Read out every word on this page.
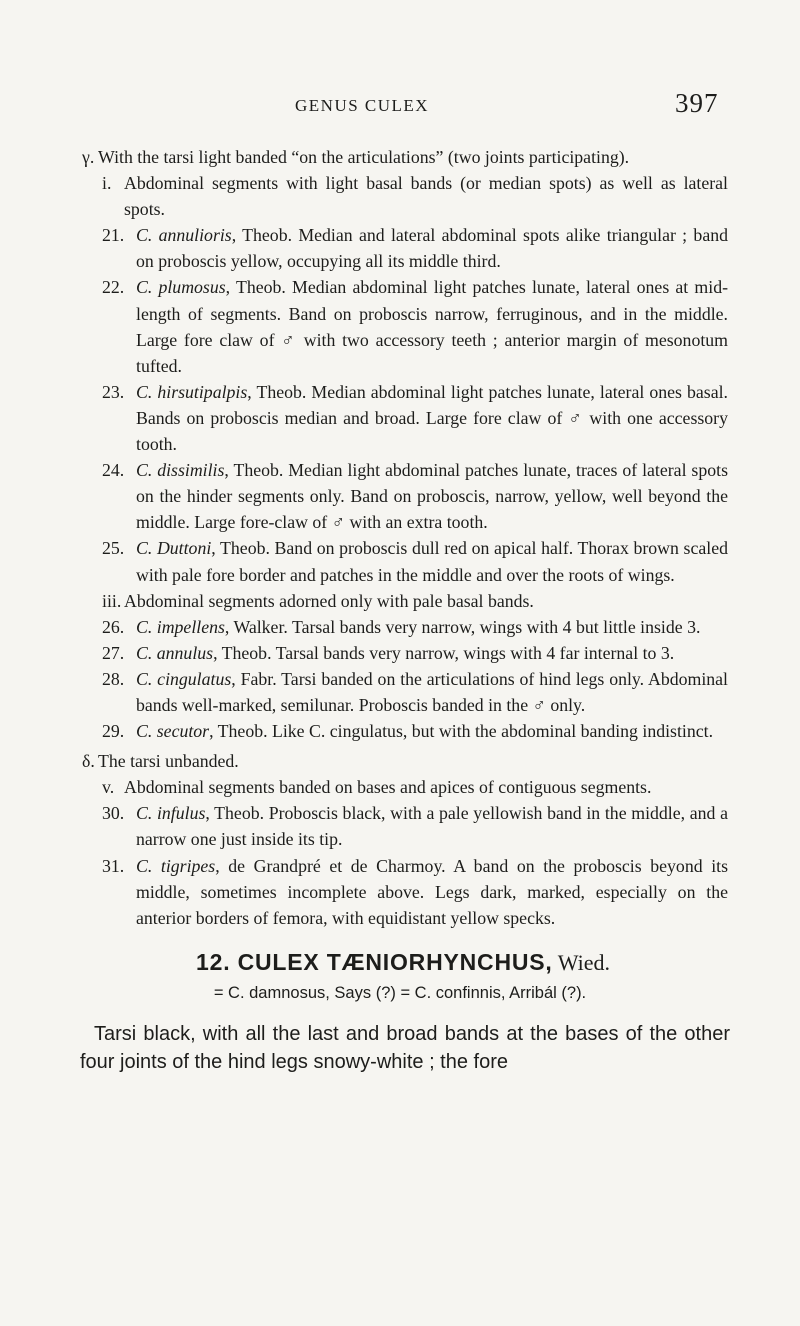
GENUS CULEX	397
γ. With the tarsi light banded “on the articulations” (two joints participating).
i. Abdominal segments with light basal bands (or median spots) as well as lateral spots.
21. C. annulioris, Theob. Median and lateral abdominal spots alike triangular ; band on proboscis yellow, occupying all its middle third.
22. C. plumosus, Theob. Median abdominal light patches lunate, lateral ones at mid-length of segments. Band on proboscis narrow, ferruginous, and in the middle. Large fore claw of ♂ with two accessory teeth ; anterior margin of mesonotum tufted.
23. C. hirsutipalpis, Theob. Median abdominal light patches lunate, lateral ones basal. Bands on proboscis median and broad. Large fore claw of ♂ with one accessory tooth.
24. C. dissimilis, Theob. Median light abdominal patches lunate, traces of lateral spots on the hinder segments only. Band on proboscis, narrow, yellow, well beyond the middle. Large fore-claw of ♂ with an extra tooth.
25. C. Duttoni, Theob. Band on proboscis dull red on apical half. Thorax brown scaled with pale fore border and patches in the middle and over the roots of wings.
iii. Abdominal segments adorned only with pale basal bands.
26. C. impellens, Walker. Tarsal bands very narrow, wings with 4 but little inside 3.
27. C. annulus, Theob. Tarsal bands very narrow, wings with 4 far internal to 3.
28. C. cingulatus, Fabr. Tarsi banded on the articulations of hind legs only. Abdominal bands well-marked, semilunar. Proboscis banded in the ♂ only.
29. C. secutor, Theob. Like C. cingulatus, but with the abdominal banding indistinct.
δ. The tarsi unbanded.
v. Abdominal segments banded on bases and apices of contiguous segments.
30. C. infulus, Theob. Proboscis black, with a pale yellowish band in the middle, and a narrow one just inside its tip.
31. C. tigripes, de Grandpré et de Charmoy. A band on the proboscis beyond its middle, sometimes incomplete above. Legs dark, marked, especially on the anterior borders of femora, with equidistant yellow specks.
12. CULEX TÆNIORHYNCHUS, Wied.
= C. damnosus, Says (?) = C. confinnis, Arribál (?).
Tarsi black, with all the last and broad bands at the bases of the other four joints of the hind legs snowy-white ; the fore
